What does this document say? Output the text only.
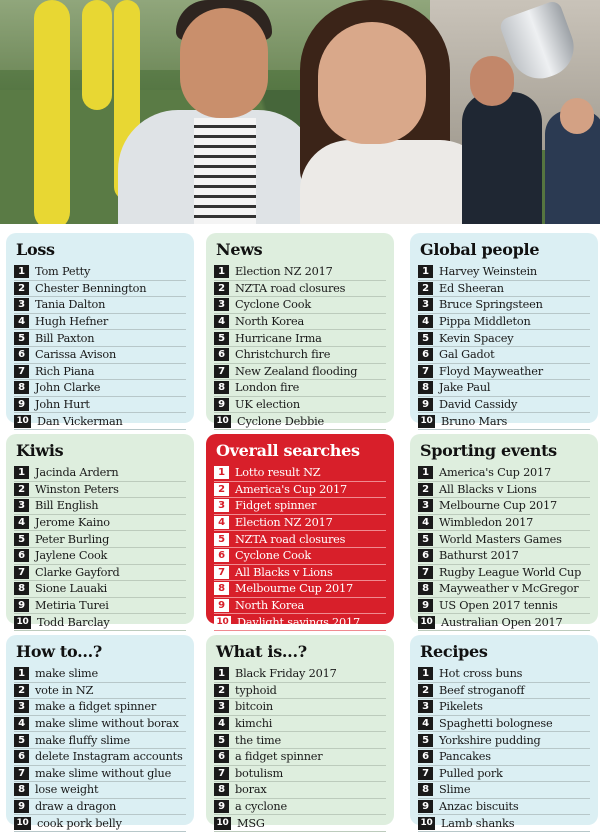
Loss
1 Tom Petty
2 Chester Bennington
3 Tania Dalton
4 Hugh Hefner
5 Bill Paxton
6 Carissa Avison
7 Rich Piana
8 John Clarke
9 John Hurt
10 Dan Vickerman
News
1 Election NZ 2017
2 NZTA road closures
3 Cyclone Cook
4 North Korea
5 Hurricane Irma
6 Christchurch fire
7 New Zealand flooding
8 London fire
9 UK election
10 Cyclone Debbie
Global people
1 Harvey Weinstein
2 Ed Sheeran
3 Bruce Springsteen
4 Pippa Middleton
5 Kevin Spacey
6 Gal Gadot
7 Floyd Mayweather
8 Jake Paul
9 David Cassidy
10 Bruno Mars
Kiwis
1 Jacinda Ardern
2 Winston Peters
3 Bill English
4 Jerome Kaino
5 Peter Burling
6 Jaylene Cook
7 Clarke Gayford
8 Sione Lauaki
9 Metiria Turei
10 Todd Barclay
Overall searches
1 Lotto result NZ
2 America's Cup 2017
3 Fidget spinner
4 Election NZ 2017
5 NZTA road closures
6 Cyclone Cook
7 All Blacks v Lions
8 Melbourne Cup 2017
9 North Korea
10 Daylight savings 2017
Sporting events
1 America's Cup 2017
2 All Blacks v Lions
3 Melbourne Cup 2017
4 Wimbledon 2017
5 World Masters Games
6 Bathurst 2017
7 Rugby League World Cup
8 Mayweather v McGregor
9 US Open 2017 tennis
10 Australian Open 2017
How to...?
1 make slime
2 vote in NZ
3 make a fidget spinner
4 make slime without borax
5 make fluffy slime
6 delete Instagram accounts
7 make slime without glue
8 lose weight
9 draw a dragon
10 cook pork belly
What is...?
1 Black Friday 2017
2 typhoid
3 bitcoin
4 kimchi
5 the time
6 a fidget spinner
7 botulism
8 borax
9 a cyclone
10 MSG
Recipes
1 Hot cross buns
2 Beef stroganoff
3 Pikelets
4 Spaghetti bolognese
5 Yorkshire pudding
6 Pancakes
7 Pulled pork
8 Slime
9 Anzac biscuits
10 Lamb shanks
